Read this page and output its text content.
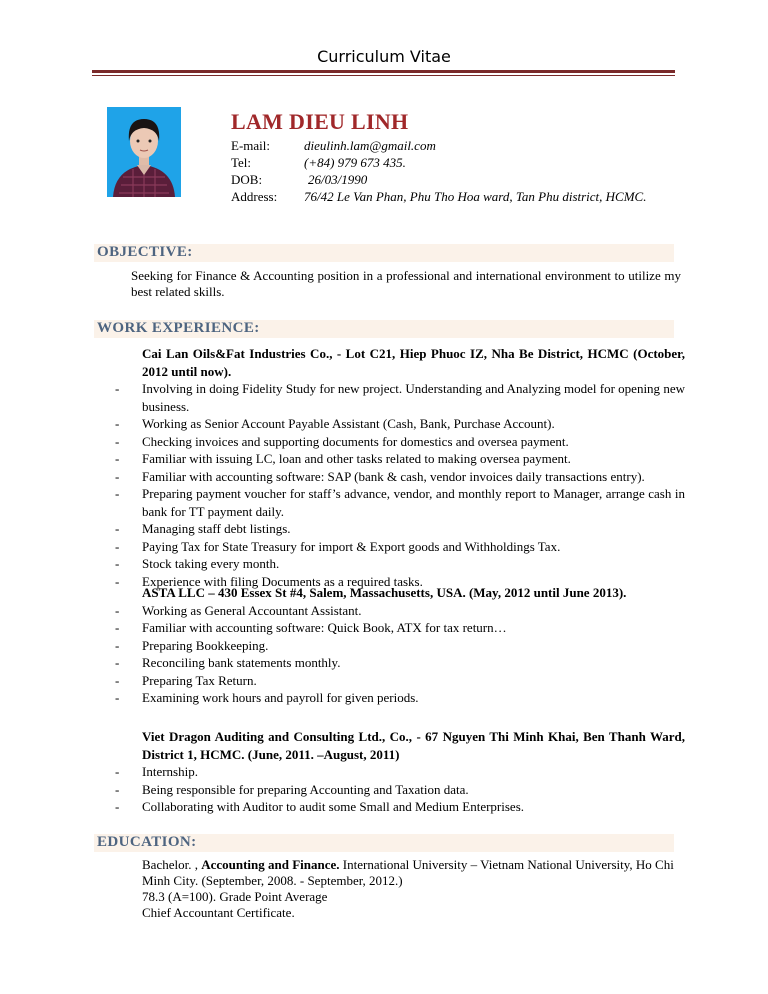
Curriculum Vitae
LAM DIEU LINH
E-mail:	dieulinh.lam@gmail.com
Tel:	(+84) 979 673 435.
DOB:	26/03/1990
Address:	76/42 Le Van Phan, Phu Tho Hoa ward, Tan Phu district, HCMC.
OBJECTIVE:
Seeking for Finance & Accounting position in a professional and international environment to utilize my best related skills.
WORK EXPERIENCE:
Cai Lan Oils&Fat Industries Co., - Lot C21, Hiep Phuoc IZ, Nha Be District, HCMC (October, 2012 until now).
-	Involving in doing Fidelity Study for new project. Understanding and Analyzing model for opening new business.
-	Working as Senior Account Payable Assistant (Cash, Bank, Purchase Account).
-	Checking invoices and supporting documents for domestics and oversea payment.
-	Familiar with issuing LC, loan and other tasks related to making oversea payment.
-	Familiar with accounting software: SAP (bank & cash, vendor invoices daily transactions entry).
-	Preparing payment voucher for staff’s advance, vendor, and monthly report to Manager, arrange cash in bank for TT payment daily.
-	Managing staff debt listings.
-	Paying Tax for State Treasury for import & Export goods and Withholdings Tax.
-	Stock taking every month.
-	Experience with filing Documents as a required tasks.
ASTA LLC – 430 Essex St #4, Salem, Massachusetts, USA. (May, 2012 until June 2013).
-	Working as General Accountant Assistant.
-	Familiar with accounting software: Quick Book, ATX for tax return…
-	Preparing Bookkeeping.
-	Reconciling bank statements monthly.
-	Preparing Tax Return.
-	Examining work hours and payroll for given periods.
Viet Dragon Auditing and Consulting Ltd., Co., - 67 Nguyen Thi Minh Khai, Ben Thanh Ward, District 1, HCMC. (June, 2011. –August, 2011)
-	Internship.
-	Being responsible for preparing Accounting and Taxation data.
-	Collaborating with Auditor to audit some Small and Medium Enterprises.
EDUCATION:
Bachelor. , Accounting and Finance. International University – Vietnam National University, Ho Chi Minh City. (September, 2008. - September, 2012.)
78.3 (A=100). Grade Point Average
Chief Accountant Certificate.
